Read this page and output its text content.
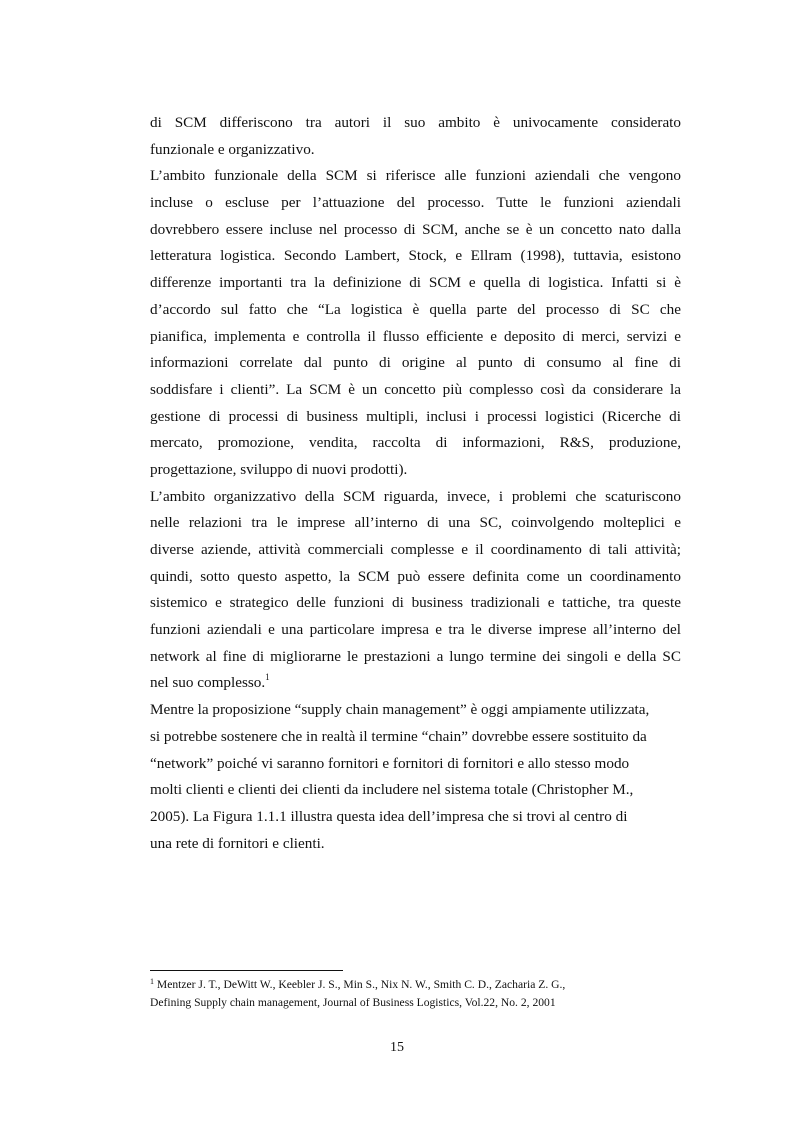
di SCM differiscono tra autori il suo ambito è univocamente considerato
funzionale e organizzativo.
L’ambito funzionale della SCM si riferisce alle funzioni aziendali che vengono
incluse o escluse per l’attuazione del processo. Tutte le funzioni aziendali
dovrebbero essere incluse nel processo di SCM, anche se è un concetto nato dalla
letteratura logistica. Secondo Lambert, Stock, e Ellram (1998), tuttavia, esistono
differenze importanti tra la definizione di SCM e quella di logistica. Infatti si è
d’accordo sul fatto che “La logistica è quella parte del processo di SC che
pianifica, implementa e controlla il flusso efficiente e deposito di merci, servizi e
informazioni correlate dal punto di origine al punto di consumo al fine di
soddisfare i clienti”. La SCM è un concetto più complesso così da considerare la
gestione di processi di business multipli, inclusi i processi logistici (Ricerche di
mercato, promozione, vendita, raccolta di informazioni, R&S, produzione,
progettazione, sviluppo di nuovi prodotti).
L’ambito organizzativo della SCM riguarda, invece, i problemi che scaturiscono
nelle relazioni tra le imprese all’interno di una SC, coinvolgendo molteplici e
diverse aziende, attività commerciali complesse e il coordinamento di tali attività;
quindi, sotto questo aspetto, la SCM può essere definita come un coordinamento
sistemico e strategico delle funzioni di business tradizionali e tattiche, tra queste
funzioni aziendali e una particolare impresa e tra le diverse imprese all’interno del
network al fine di migliorarne le prestazioni a lungo termine dei singoli e della SC
nel suo complesso.$^1$
Mentre la proposizione “supply chain management” è oggi ampiamente utilizzata,
si potrebbe sostenere che in realtà il termine “chain” dovrebbe essere sostituito da
“network” poiché vi saranno fornitori e fornitori di fornitori e allo stesso modo
molti clienti e clienti dei clienti da includere nel sistema totale (Christopher M.,
2005). La Figura 1.1.1 illustra questa idea dell’impresa che si trovi al centro di
una rete di fornitori e clienti.
$^1$ Mentzer J. T., DeWitt W., Keebler J. S., Min S., Nix N. W., Smith C. D., Zacharia Z. G.,
Defining Supply chain management, Journal of Business Logistics, Vol.22, No. 2, 2001
15
